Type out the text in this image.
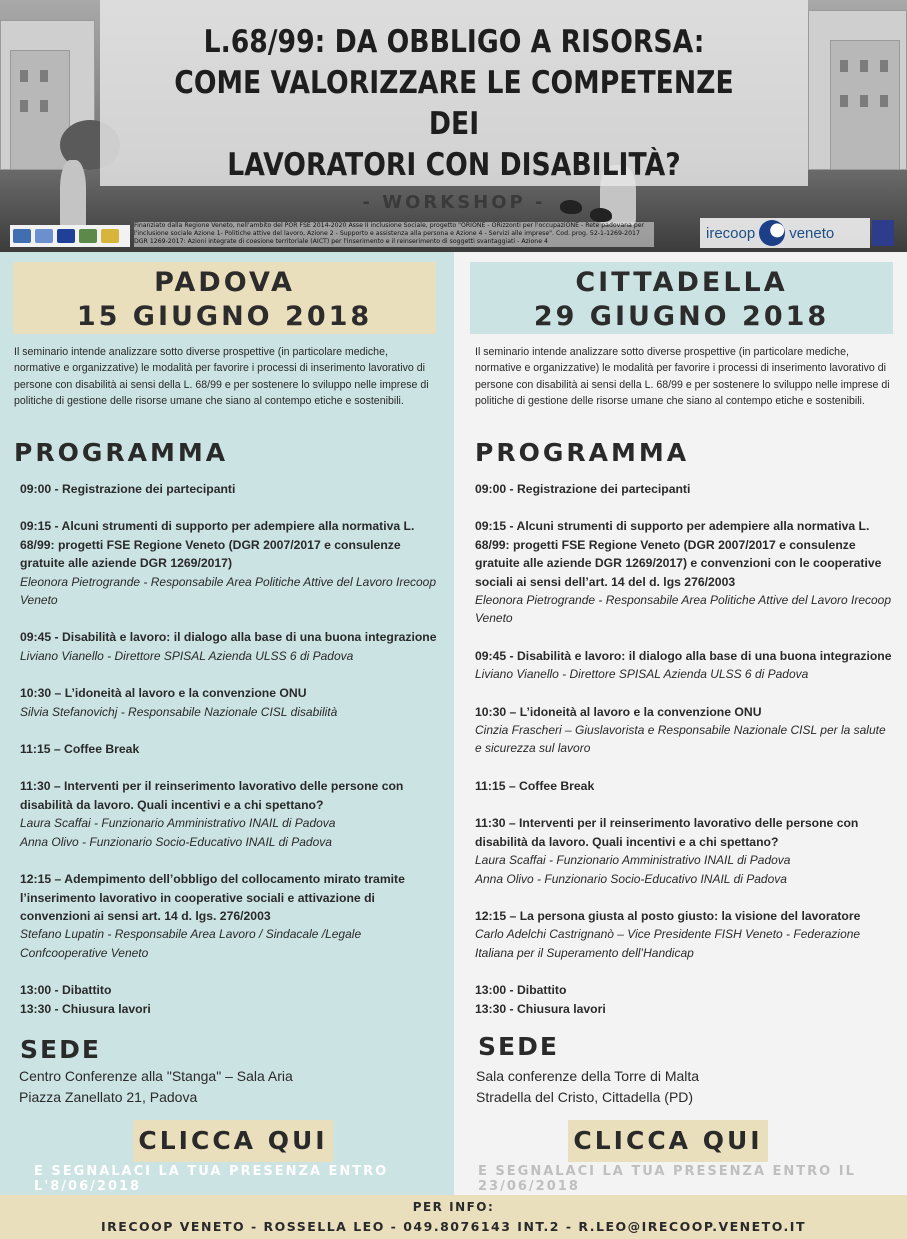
L.68/99: DA OBBLIGO A RISORSA:
COME VALORIZZARE LE COMPETENZE DEI
LAVORATORI CON DISABILITÀ?
- WORKSHOP -
Finanziato dalla Regione Veneto, nell'ambito del POR FSE 2014-2020 Asse II inclusione Sociale, progetto "ORIONE - ORizzonti per l'occupaziONE - Rete padovana per l'inclusione sociale Azione 1- Politiche attive del lavoro, Azione 2 - Supporto e assistenza alla persona e Azione 4 - Servizi alle imprese". Cod. prog. 52-1-1269-2017 DGR 1269-2017: Azioni integrate di coesione territoriale (AICT) per l'inserimento e il reinserimento di soggetti svantaggiati - Azione 4
irecoop veneto
PADOVA
15 GIUGNO 2018
Il seminario intende analizzare sotto diverse prospettive (in particolare mediche, normative e organizzative) le modalità per favorire i processi di inserimento lavorativo di persone con disabilità ai sensi della L. 68/99 e per sostenere lo sviluppo nelle imprese di politiche di gestione delle risorse umane che siano al contempo etiche e sostenibili.
PROGRAMMA
09:00 - Registrazione dei partecipanti
09:15 - Alcuni strumenti di supporto per adempiere alla normativa L. 68/99: progetti FSE Regione Veneto (DGR 2007/2017 e consulenze gratuite alle aziende DGR 1269/2017)
Eleonora Pietrogrande - Responsabile Area Politiche Attive del Lavoro Irecoop Veneto
09:45 - Disabilità e lavoro: il dialogo alla base di una buona integrazione
Liviano Vianello - Direttore SPISAL Azienda ULSS 6 di Padova
10:30 – L’idoneità al lavoro e la convenzione ONU
Silvia Stefanovichj - Responsabile Nazionale CISL disabilità
11:15 – Coffee Break
11:30 – Interventi per il reinserimento lavorativo delle persone con disabilità da lavoro. Quali incentivi e a chi spettano?
Laura Scaffai - Funzionario Amministrativo INAIL di Padova
Anna Olivo - Funzionario Socio-Educativo INAIL di Padova
12:15 – Adempimento dell’obbligo del collocamento mirato tramite l’inserimento lavorativo in cooperative sociali e attivazione di convenzioni ai sensi art. 14 d. lgs. 276/2003
Stefano Lupatin - Responsabile Area Lavoro / Sindacale /Legale Confcooperative Veneto
13:00 - Dibattito
13:30 - Chiusura lavori
SEDE
Centro Conferenze alla "Stanga" – Sala Aria
Piazza Zanellato 21, Padova
CLICCA QUI
E SEGNALACI LA TUA PRESENZA ENTRO L'8/06/2018
CITTADELLA
29 GIUGNO 2018
Il seminario intende analizzare sotto diverse prospettive (in particolare mediche, normative e organizzative) le modalità per favorire i processi di inserimento lavorativo di persone con disabilità ai sensi della L. 68/99 e per sostenere lo sviluppo nelle imprese di politiche di gestione delle risorse umane che siano al contempo etiche e sostenibili.
PROGRAMMA
09:00 - Registrazione dei partecipanti
09:15 - Alcuni strumenti di supporto per adempiere alla normativa L. 68/99: progetti FSE Regione Veneto (DGR 2007/2017 e consulenze gratuite alle aziende DGR 1269/2017) e convenzioni con le cooperative sociali ai sensi dell’art. 14 del d. lgs 276/2003
Eleonora Pietrogrande - Responsabile Area Politiche Attive del Lavoro Irecoop Veneto
09:45 - Disabilità e lavoro: il dialogo alla base di una buona integrazione
Liviano Vianello - Direttore SPISAL Azienda ULSS 6 di Padova
10:30 – L’idoneità al lavoro e la convenzione ONU
Cinzia Frascheri – Giuslavorista e Responsabile Nazionale CISL per la salute e sicurezza sul lavoro
11:15 – Coffee Break
11:30 – Interventi per il reinserimento lavorativo delle persone con disabilità da lavoro. Quali incentivi e a chi spettano?
Laura Scaffai - Funzionario Amministrativo INAIL di Padova
Anna Olivo - Funzionario Socio-Educativo INAIL di Padova
12:15 – La persona giusta al posto giusto: la visione del lavoratore
Carlo Adelchi Castrignanò – Vice Presidente FISH Veneto - Federazione Italiana per il Superamento dell’Handicap
13:00 - Dibattito
13:30 - Chiusura lavori
SEDE
Sala conferenze della Torre di Malta
Stradella del Cristo, Cittadella (PD)
CLICCA QUI
E SEGNALACI LA TUA PRESENZA ENTRO IL 23/06/2018
PER INFO:
IRECOOP VENETO - ROSSELLA LEO - 049.8076143 INT.2 - R.LEO@IRECOOP.VENETO.IT
